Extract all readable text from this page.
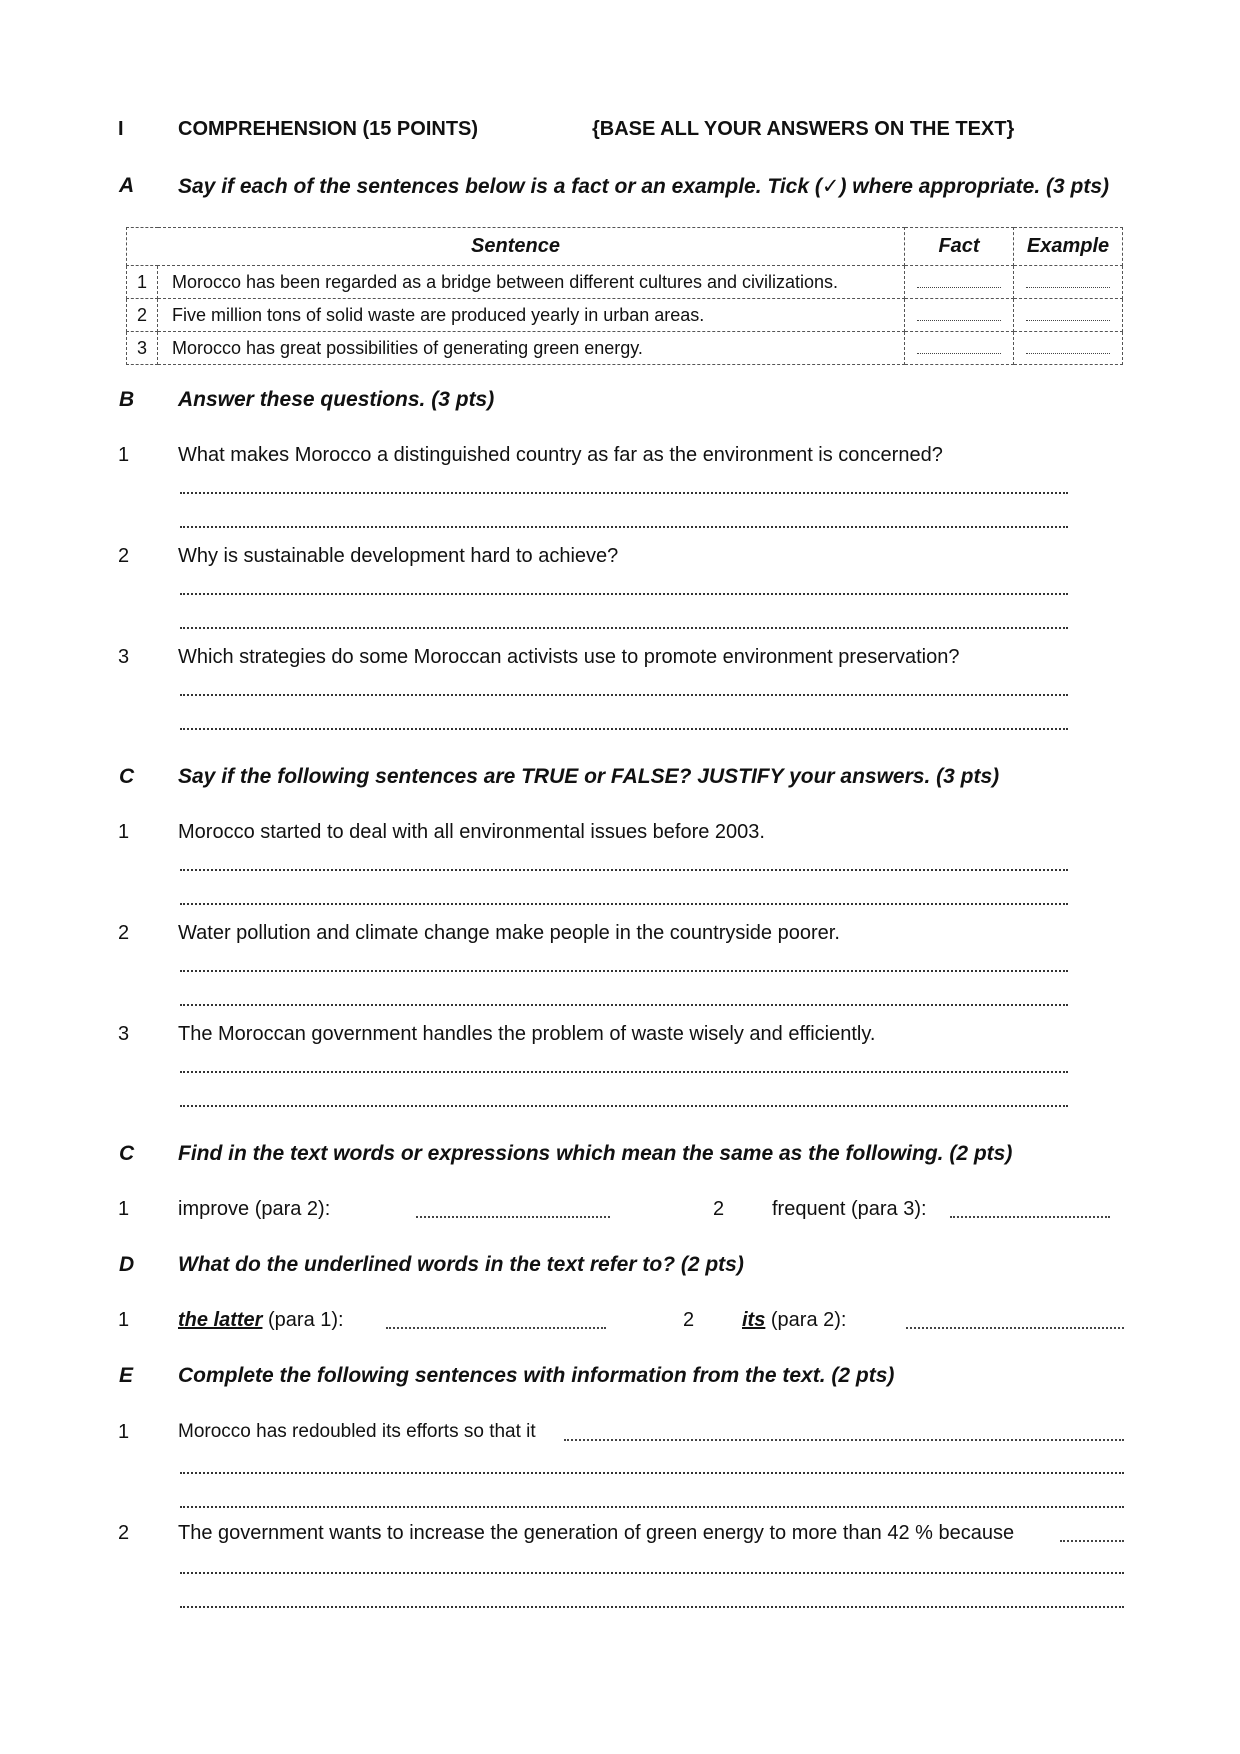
I	COMPREHENSION (15 POINTS)	{BASE ALL YOUR ANSWERS ON THE TEXT}
A Say if each of the sentences below is a fact or an example. Tick (✓) where appropriate. (3 pts)
Sentence		Fact	Example
1	Morocco has been regarded as a bridge between different cultures and civilizations.		
2	Five million tons of solid waste are produced yearly in urban areas.		
3	Morocco has great possibilities of generating green energy.		
B Answer these questions. (3 pts)
1 What makes Morocco a distinguished country as far as the environment is concerned?
2 Why is sustainable development hard to achieve?
3 Which strategies do some Moroccan activists use to promote environment preservation?
C Say if the following sentences are TRUE or FALSE? JUSTIFY your answers. (3 pts)
1 Morocco started to deal with all environmental issues before 2003.
2 Water pollution and climate change make people in the countryside poorer.
3 The Moroccan government handles the problem of waste wisely and efficiently.
C Find in the text words or expressions which mean the same as the following. (2 pts)
1 improve (para 2):	2 frequent (para 3):
D What do the underlined words in the text refer to? (2 pts)
1 the latter (para 1):	2 its (para 2):
E Complete the following sentences with information from the text. (2 pts)
1	Morocco has redoubled its efforts so that it
2 The government wants to increase the generation of green energy to more than 42 % because
